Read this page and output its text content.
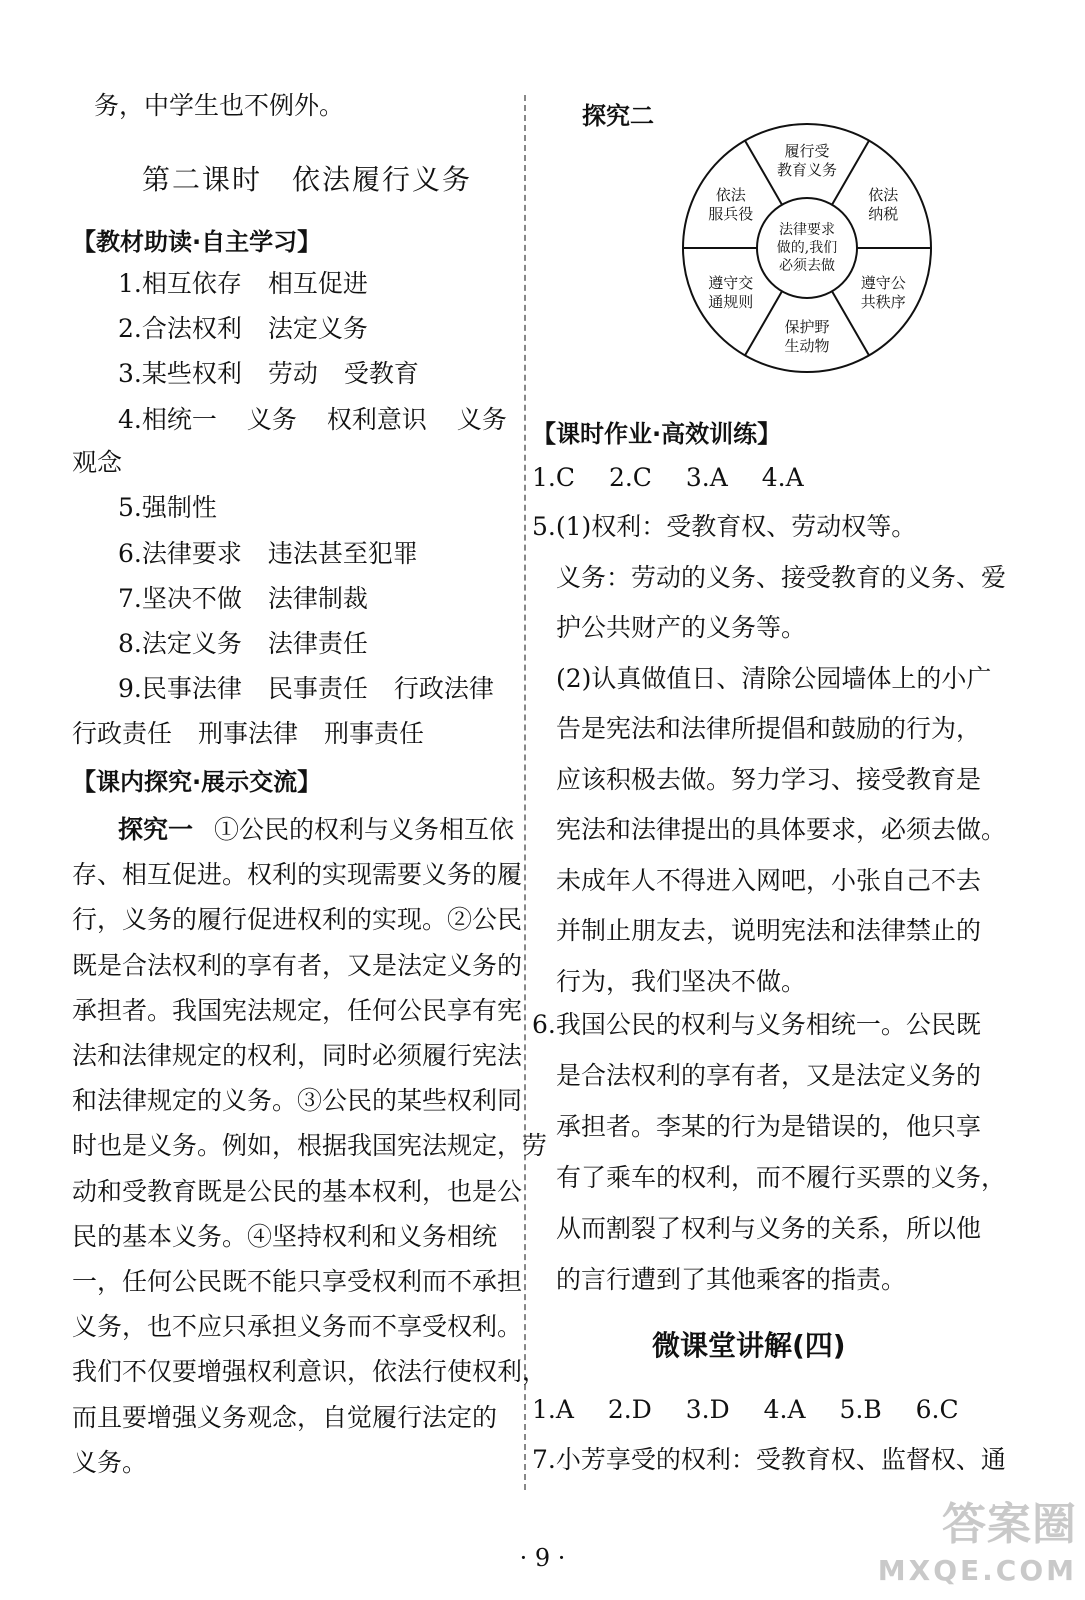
务，中学生也不例外。
第二课时　依法履行义务
【教材助读·自主学习】
1.相互依存 相互促进
2.合法权利 法定义务
3.某些权利 劳动 受教育
4.相统一 义务 权利意识 义务
观念
5.强制性
6.法律要求 违法甚至犯罪
7.坚决不做 法律制裁
8.法定义务 法律责任
9.民事法律 民事责任 行政法律
行政责任 刑事法律 刑事责任
【课内探究·展示交流】
探究一 ①公民的权利与义务相互依
存、相互促进。权利的实现需要义务的履
行，义务的履行促进权利的实现。②公民
既是合法权利的享有者，又是法定义务的
承担者。我国宪法规定，任何公民享有宪
法和法律规定的权利，同时必须履行宪法
和法律规定的义务。③公民的某些权利同
时也是义务。例如，根据我国宪法规定，劳
动和受教育既是公民的基本权利，也是公
民的基本义务。④坚持权利和义务相统
一，任何公民既不能只享受权利而不承担
义务，也不应只承担义务而不享受权利。
我们不仅要增强权利意识，依法行使权利，
而且要增强义务观念，自觉履行法定的
义务。
探究二
履行受
教育义务
依法
纳税
遵守公
共秩序
保护野
生动物
遵守交
通规则
依法
服兵役
法律要求
做的,我们
必须去做
【课时作业·高效训练】
1.C 2.C 3.A 4.A
5.(1)权利：受教育权、劳动权等。
义务：劳动的义务、接受教育的义务、爱
护公共财产的义务等。
(2)认真做值日、清除公园墙体上的小广
告是宪法和法律所提倡和鼓励的行为，
应该积极去做。努力学习、接受教育是
宪法和法律提出的具体要求，必须去做。
未成年人不得进入网吧，小张自己不去
并制止朋友去，说明宪法和法律禁止的
行为，我们坚决不做。
6.我国公民的权利与义务相统一。公民既
是合法权利的享有者，又是法定义务的
承担者。李某的行为是错误的，他只享
有了乘车的权利，而不履行买票的义务，
从而割裂了权利与义务的关系，所以他
的言行遭到了其他乘客的指责。
微课堂讲解(四)
1.A 2.D 3.D 4.A 5.B 6.C
7.小芳享受的权利：受教育权、监督权、通
· 9 ·
答案圈
MXQE.COM
